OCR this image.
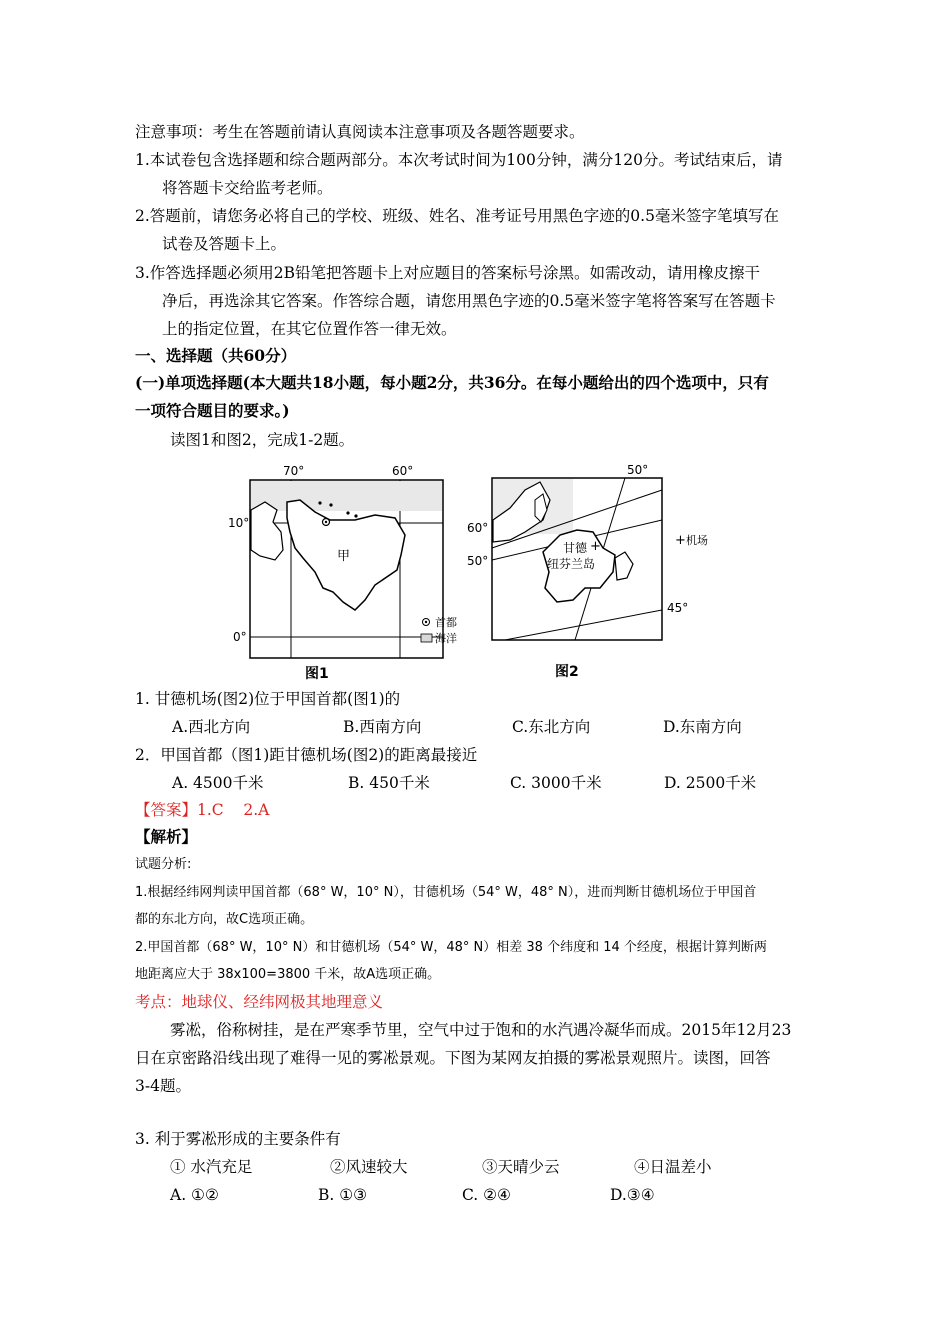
注意事项：考生在答题前请认真阅读本注意事项及各题答题要求。
1.本试卷包含选择题和综合题两部分。本次考试时间为100分钟，满分120分。考试结束后，请
将答题卡交给监考老师。
2.答题前，请您务必将自己的学校、班级、姓名、准考证号用黑色字迹的0.5毫米签字笔填写在
试卷及答题卡上。
3.作答选择题必须用2B铅笔把答题卡上对应题目的答案标号涂黑。如需改动，请用橡皮擦干
净后，再选涂其它答案。作答综合题，请您用黑色字迹的0.5毫米签字笔将答案写在答题卡
上的指定位置，在其它位置作答一律无效。
一、选择题（共60分）
(一)单项选择题(本大题共18小题，每小题2分，共36分。在每小题给出的四个选项中，只有
一项符合题目的要求。)
读图1和图2，完成1-2题。
70°	60°
10°
0°
甲
首都
海洋
图1
+
50°
60°
50°
45°
甘德
纽芬兰岛
+ 机场
图2
1. 甘德机场(图2)位于甲国首都(图1)的
A.西北方向	B.西南方向	C.东北方向	D.东南方向
2．甲国首都（图1)距甘德机场(图2)的距离最接近
A. 4500千米	B. 450千米	C. 3000千米	D. 2500千米
【答案】1.C    2.A
【解析】
试题分析:
1.根据经纬网判读甲国首都（68° W，10° N），甘德机场（54° W，48° N），进而判断甘德机场位于甲国首
都的东北方向，故C选项正确。
2.甲国首都（68° W，10° N）和甘德机场（54° W，48° N）相差 38 个纬度和 14 个经度，根据计算判断两
地距离应大于 38x100=3800 千米，故A选项正确。
考点：地球仪、经纬网极其地理意义
雾凇，俗称树挂，是在严寒季节里，空气中过于饱和的水汽遇冷凝华而成。2015年12月23
日在京密路沿线出现了难得一见的雾凇景观。下图为某网友拍摄的雾凇景观照片。读图，回答
3-4题。
3. 利于雾凇形成的主要条件有
① 水汽充足	②风速较大	③天晴少云	④日温差小
A. ①②	B. ①③	C. ②④	D.③④
